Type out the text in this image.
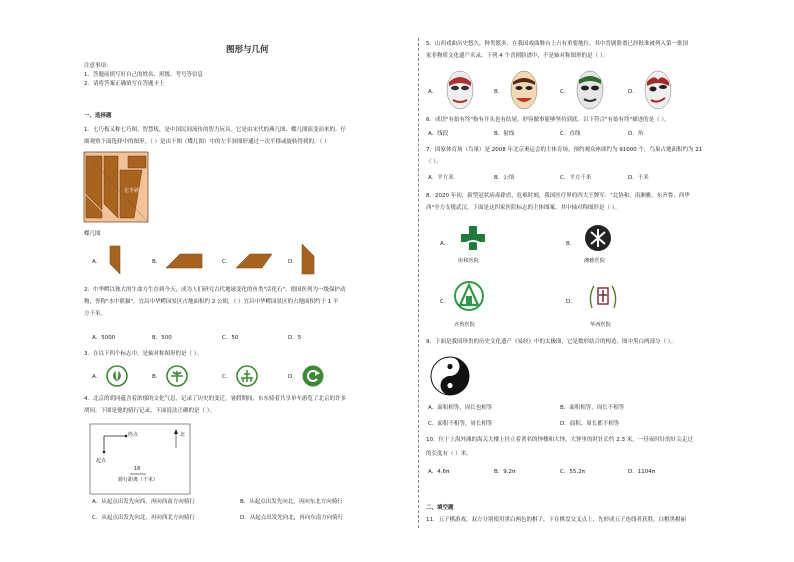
图形与几何
注意事项：
1．答题前填写好自己的姓名、班级、考号等信息
2．请将答案正确填写在答题卡上
一、选择题
1．七巧板又称七巧图、智慧板，是中国民间流传的智力玩具。它是由宋代的燕几图、蝶几图演变而来的。仔
细观察下面选择中的图形，（ ）是由下图（蝶几图）中的左半斜图形通过一次平移或旋转得到的。（ ）
左半斜
蝶几图
A．	B．	C．	D．
2．中华鳄以独大的生命力生存到今天，成为人们研究古代地球变化的鱼类"活化石"。德国医列为一级保护动
物，誉称"水中熊猫"。宜昌中华鳄园景区占地面积约 2 公顷，（ ）宜昌中华鳄园景区的占地面积约于 1 平
方千米。
A．5000	B．500	C．50	D．5
3．在以下四个标志中，是轴对称图形的是（ ）。
A．	B．	C．	D．
4．北京的胡同蕴含着浓郁的文化气息，记录了历史的变迁。暑假期间，东东骑着共享单车游览了北京的许多
胡同。下图是他的骑行记录，下面说法正确的是（ ）。
终点	北
起点
16
骑行距离（千米）
A．从起点出发先向西，再向西南方向骑行	B．从起点出发先向北，再向东北方向骑行
C．从起点出发先向北，再向西北方向骑行	D．从起点出发先向北，再向东南方向骑行
5．山西戏曲历史悠久，种类繁多，在我国戏曲舞台上占有重要地位。其中晋剧脸谱已经批准被列入第一批国
家非物质文化遗产名录，下列 4 个晋剧脸谱中，不是轴对称图形的是（ ）。
A．	B．	C．	D．
6．成语"有始有终"指有开头也有结尾，形容做事能够坚持到底。以下符合"有始有终"描述的是（ ）。
A．线段	B．射线	C．直线	D．角
7．国家体育场（鸟巢）是 2008 年北京奥运会的主体育场，预约观众座席约为 91000 个，鸟巢占地面积约为 21
（ ）。
A．平方米	B．公顷	C．平方千米	D．千米
8．2020 年初，新型冠状病毒肆虐，危难时刻，我国医疗界的四大王牌军："北协和、南湘雅、东齐鲁、西华
西"全力支援武汉。下面是这四家医院标志的主体图案，其中轴对称图形是（ ）。
A．
协和医院
B．
湘雅医院
C．
齐鲁医院
D．
华西医院
9．下面是我国珍贵的历史文化遗产《易经》中的太极图，它是数形结合的构造。图中黑白两部分（ ）。
A．面积相等，周长也相等	B．面积相等，周长不相等
C．面积不相等，周长相等	D．面积、周长都不相等
10．位于上海外滩的海关大楼上挂立着著名的钟楼和大钟。大钟里的时针长约 2.3 米，一昼夜时针的针尖走过
的长度有（ ）米。
A．4.6π	B．9.2π	C．55.2π	D．1104π
二、填空题
11．五子棋游戏，双方分别使用黑白两色的棋子，下在棋盘交叉点上，先形成五子连线者获胜。白棋黑棋丽
